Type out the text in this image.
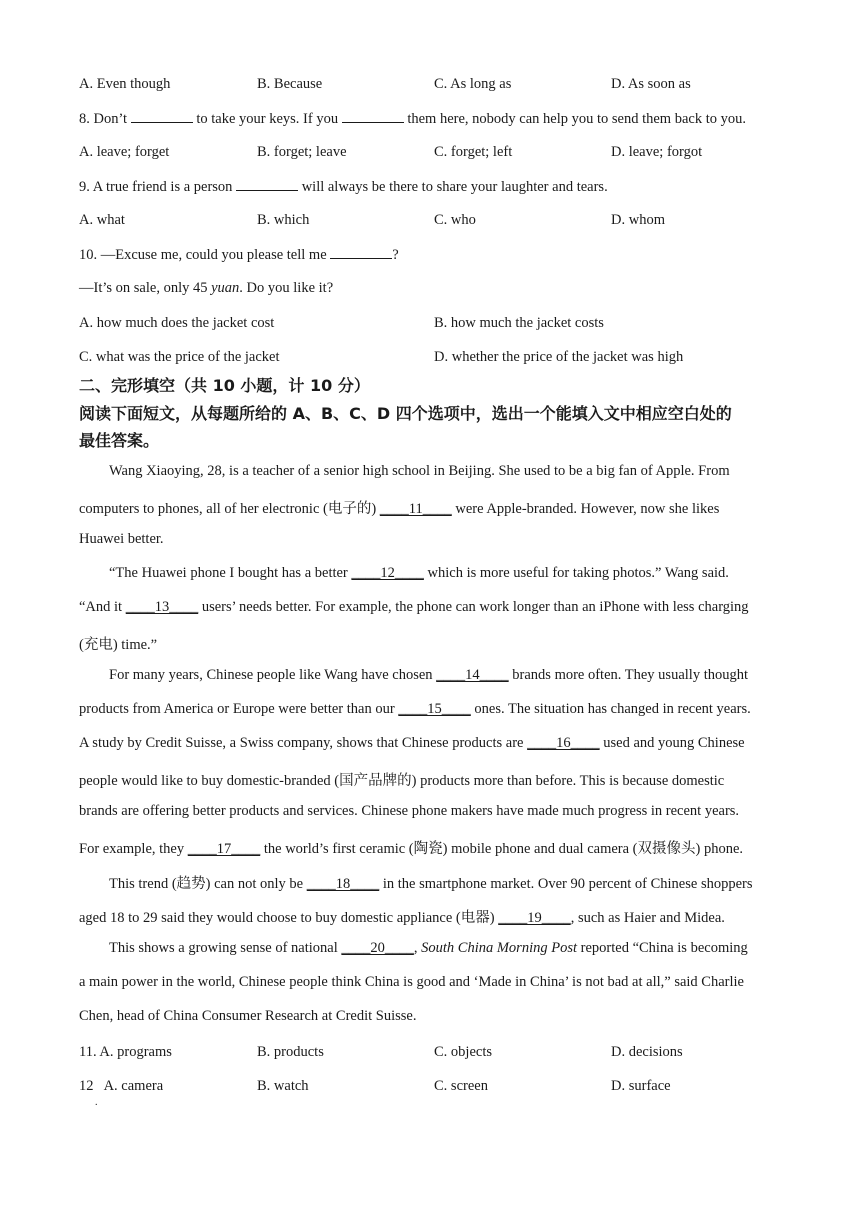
A. Even though	B. Because	C. As long as	D. As soon as
8. Don’t	to take your keys. If you	them here, nobody can help you to send them back to you.
A. leave; forget	B. forget; leave	C. forget; left	D. leave; forgot
9. A true friend is a person	will always be there to share your laughter and tears.
A. what	B. which	C. who	D. whom
10. —Excuse me, could you please tell me	?
—It’s on sale, only 45 yuan. Do you like it?
A. how much does the jacket cost	B. how much the jacket costs
C. what was the price of the jacket	D. whether the price of the jacket was high
二、完形填空（共 10 小题，计 10 分）
阅读下面短文，从每题所给的 A、B、C、D 四个选项中，选出一个能填入文中相应空白处的
最佳答案。
Wang Xiaoying, 28, is a teacher of a senior high school in Beijing. She used to be a big fan of Apple. From
computers to phones, all of her electronic (电子的) ____11____ were Apple-branded. However, now she likes
Huawei better.
“The Huawei phone I bought has a better ____12____ which is more useful for taking photos.” Wang said.
“And it ____13____ users’ needs better. For example, the phone can work longer than an iPhone with less charging
(充电) time.”
For many years, Chinese people like Wang have chosen ____14____ brands more often. They usually thought
products from America or Europe were better than our ____15____ ones. The situation has changed in recent years.
A study by Credit Suisse, a Swiss company, shows that Chinese products are ____16____ used and young Chinese
people would like to buy domestic-branded (国产品牌的) products more than before. This is because domestic
brands are offering better products and services. Chinese phone makers have made much progress in recent years.
For example, they ____17____ the world’s first ceramic (陶瓷) mobile phone and dual camera (双摄像头) phone.
This trend (趋势) can not only be ____18____ in the smartphone market. Over 90 percent of Chinese shoppers
aged 18 to 29 said they would choose to buy domestic appliance (电器) ____19____, such as Haier and Midea.
This shows a growing sense of national ____20____, South China Morning Post reported “China is becoming
a main power in the world, Chinese people think China is good and ‘Made in China’ is not bad at all,” said Charlie
Chen, head of China Consumer Research at Credit Suisse.
11. A. programs	B. products	C. objects	D. decisions
12   A. camera	B. watch	C. screen	D. surface
.
